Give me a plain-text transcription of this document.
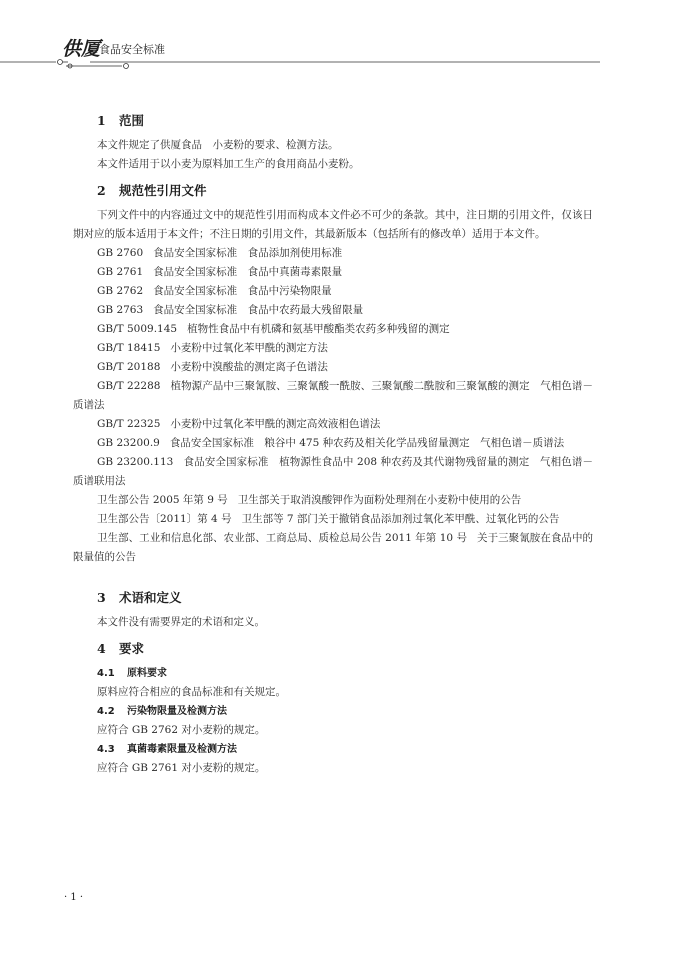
供厦
食品安全标准
1 范围

本文件规定了供厦食品　小麦粉的要求、检测方法。

本文件适用于以小麦为原料加工生产的食用商品小麦粉。

2 规范性引用文件

下列文件中的内容通过文中的规范性引用而构成本文件必不可少的条款。其中，注日期的引用文件，仅该日期对应的版本适用于本文件；不注日期的引用文件，其最新版本（包括所有的修改单）适用于本文件。

GB 2760 食品安全国家标准　食品添加剂使用标准

GB 2761 食品安全国家标准　食品中真菌毒素限量

GB 2762 食品安全国家标准　食品中污染物限量

GB 2763 食品安全国家标准　食品中农药最大残留限量

GB/T 5009.145 植物性食品中有机磷和氨基甲酸酯类农药多种残留的测定

GB/T 18415 小麦粉中过氧化苯甲酰的测定方法

GB/T 20188 小麦粉中溴酸盐的测定离子色谱法

GB/T 22288 植物源产品中三聚氰胺、三聚氰酸一酰胺、三聚氰酸二酰胺和三聚氰酸的测定　气相色谱－质谱法

GB/T 22325 小麦粉中过氧化苯甲酰的测定高效液相色谱法

GB 23200.9 食品安全国家标准　粮谷中 475 种农药及相关化学品残留量测定　气相色谱－质谱法

GB 23200.113 食品安全国家标准　植物源性食品中 208 种农药及其代谢物残留量的测定　气相色谱－质谱联用法

卫生部公告 2005 年第 9 号 卫生部关于取消溴酸钾作为面粉处理剂在小麦粉中使用的公告

卫生部公告〔2011〕第 4 号 卫生部等 7 部门关于撤销食品添加剂过氧化苯甲酰、过氧化钙的公告

卫生部、工业和信息化部、农业部、工商总局、质检总局公告 2011 年第 10 号 关于三聚氰胺在食品中的限量值的公告

3 术语和定义

本文件没有需要界定的术语和定义。

4 要求
4.1 原料要求

原料应符合相应的食品标准和有关规定。

4.2 污染物限量及检测方法

应符合 GB 2762 对小麦粉的规定。

4.3 真菌毒素限量及检测方法

应符合 GB 2761 对小麦粉的规定。

· 1 ·
